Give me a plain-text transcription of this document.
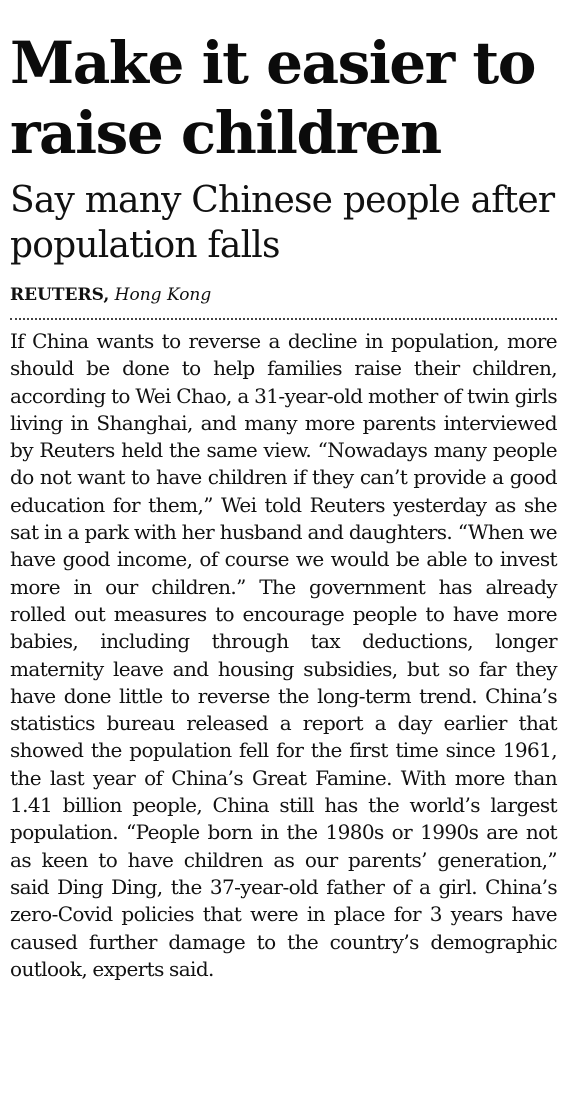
Make it easier to raise children
Say many Chinese people after population falls
REUTERS, Hong Kong

If China wants to reverse a decline in population, more should be done to help families raise their children, according to Wei Chao, a 31-year-old mother of twin girls living in Shanghai, and many more parents interviewed by Reuters held the same view. “Nowadays many people do not want to have children if they can’t provide a good education for them,” Wei told Reuters yesterday as she sat in a park with her husband and daughters. “When we have good income, of course we would be able to invest more in our children.” The government has already rolled out measures to encourage people to have more babies, including through tax deductions, longer maternity leave and housing subsidies, but so far they have done little to reverse the long-term trend. China’s statistics bureau released a report a day earlier that showed the population fell for the first time since 1961, the last year of China’s Great Famine. With more than 1.41 billion people, China still has the world’s largest population. “People born in the 1980s or 1990s are not as keen to have children as our parents’ generation,” said Ding Ding, the 37-year-old father of a girl. China’s zero-Covid policies that were in place for 3 years have caused further damage to the country’s demographic outlook, experts said.
